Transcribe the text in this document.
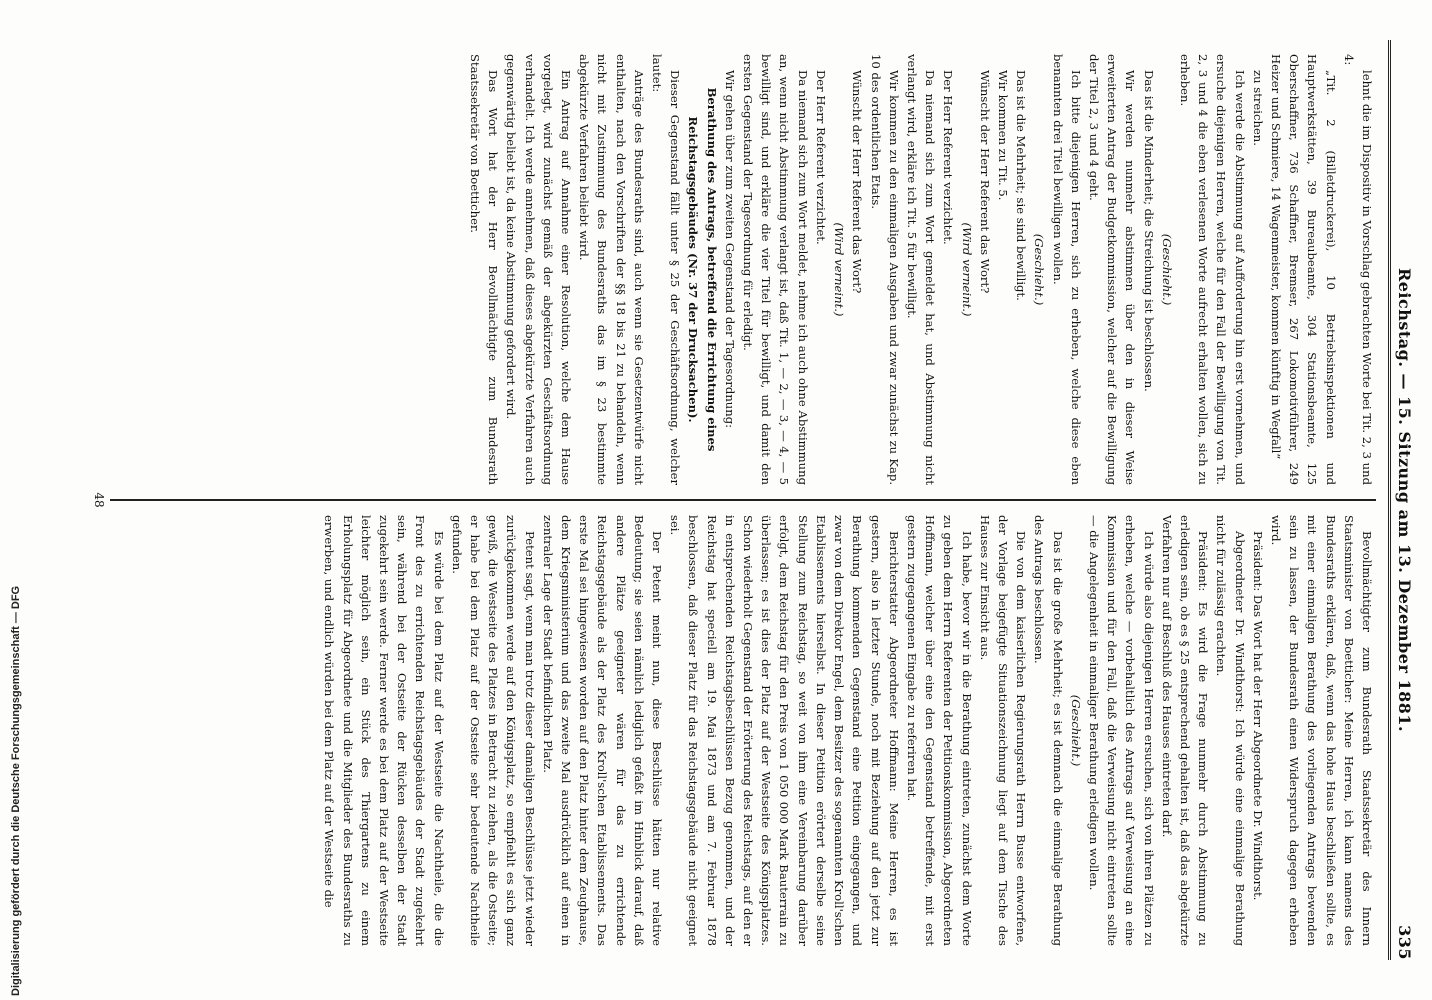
Reichstag. — 15. Sitzung am 13. Dezember 1881.
335

lehnt die im Dispositiv in Vorschlag gebrachten Worte bei Tit. 2, 3 und 4:

„Tit. 2 (Billetdruckerei), 10 Betriebsinspektionen und Hauptwerkstätten, 39 Bureaubeamte, 304 Stationsbeamte, 125 Oberschaffner, 736 Schaffner, Bremser, 267 Lokomotivführer, 249 Heizer und Schmiere, 14 Wagenmeister, kommen künftig in Wegfall“

zu streichen.

Ich werde die Abstimmung auf Aufforderung hin erst vornehmen, und ersuche diejenigen Herren, welche für den Fall der Bewilligung von Tit. 2, 3 und 4 die eben verlesenen Worte aufrecht erhalten wollen, sich zu erheben.

(Geschieht.)

Das ist die Minderheit; die Streichung ist beschlossen.

Wir werden nunmehr abstimmen über den in dieser Weise erweiterten Antrag der Budgetkommission, welcher auf die Bewilligung der Titel 2, 3 und 4 geht.

Ich bitte diejenigen Herren, sich zu erheben, welche diese eben benannten drei Titel bewilligen wollen.

(Geschieht.)

Das ist die Mehrheit; sie sind bewilligt.

Wir kommen zu Tit. 5.

Wünscht der Herr Referent das Wort?

(Wird verneint.)

Der Herr Referent verzichtet.

Da niemand sich zum Wort gemeldet hat, und Abstimmung nicht verlangt wird, erkläre ich Tit. 5 für bewilligt.

Wir kommen zu den einmaligen Ausgaben und zwar zunächst zu Kap. 10 des ordentlichen Etats.

Wünscht der Herr Referent das Wort?

(Wird verneint.)

Der Herr Referent verzichtet.

Da niemand sich zum Wort meldet, nehme ich auch ohne Abstimmung an, wenn nicht Abstimmung verlangt ist, daß Tit. 1, — 2, — 3, — 4, — 5 bewilligt sind, und erkläre die vier Titel für bewilligt, und damit den ersten Gegenstand der Tagesordnung für erledigt.

Wir gehen über zum zweiten Gegenstand der Tagesordnung:

Berathung des Antrags, betreffend die Errichtung eines Reichstagsgebäudes (Nr. 37 der Drucksachen).

Dieser Gegenstand fällt unter § 25 der Geschäftsordnung, welcher lautet:

Anträge des Bundesraths sind, auch wenn sie Gesetzentwürfe nicht enthalten, nach den Vorschriften der §§ 18 bis 21 zu behandeln, wenn nicht mit Zustimmung des Bundesraths das im § 23 bestimmte abgekürzte Verfahren beliebt wird.

Ein Antrag auf Annahme einer Resolution, welche dem Hause vorgelegt, wird zunächst gemäß der abgekürzten Geschäftsordnung verhandelt. Ich werde annehmen, daß dieses abgekürzte Verfahren auch gegenwärtig beliebt ist, da keine Abstimmung gefordert wird.

Das Wort hat der Herr Bevollmächtigte zum Bundesrath Staatssekretär von Boetticher.

Bevollmächtigter zum Bundesrath Staatssekretär des Innern Staatsminister von Boetticher: Meine Herren, ich kann namens des Bundesraths erklären, daß, wenn das hohe Haus beschließen sollte, es mit einer einmaligen Berathung des vorliegenden Antrags bewenden sein zu lassen, der Bundesrath einen Widerspruch dagegen erheben wird.

Präsident: Das Wort hat der Herr Abgeordnete Dr. Windthorst.

Abgeordneter Dr. Windthorst: Ich würde eine einmalige Berathung nicht für zulässig erachten.

Präsident: Es wird die Frage nunmehr durch Abstimmung zu erledigen sein, ob es § 25 entsprechend gehalten ist, daß das abgekürzte Verfahren nur auf Beschluß des Hauses eintreten darf.

Ich würde also diejenigen Herren ersuchen, sich von ihren Plätzen zu erheben, welche — vorbehaltlich des Antrags auf Verweisung an eine Kommission und für den Fall, daß die Verweisung nicht eintreten sollte — die Angelegenheit in einmaliger Berathung erledigen wollen.

(Geschieht.)

Das ist die große Mehrheit; es ist demnach die einmalige Berathung des Antrags beschlossen.

Die von dem kaiserlichen Regierungsrath Herrn Busse entworfene, der Vorlage beigefügte Situationszeichnung liegt auf dem Tische des Hauses zur Einsicht aus.

Ich habe, bevor wir in die Berathung eintreten, zunächst dem Worte zu geben dem Herrn Referenten der Petitionskommission, Abgeordneten Hoffmann, welcher über eine den Gegenstand betreffende, mit erst gestern zugegangenen Eingabe zu referiren hat.

Berichterstatter Abgeordneter Hoffmann: Meine Herren, es ist gestern, also in letzter Stunde, noch mit Beziehung auf den jetzt zur Berathung kommenden Gegenstand eine Petition eingegangen, und zwar von dem Direktor Engel, dem Besitzer des sogenannten Kroll'schen Etablissements hierselbst. In dieser Petition erörtert derselbe seine Stellung zum Reichstag, so weit von ihm eine Vereinbarung darüber erfolgt, dem Reichstag für den Preis von 1 050 000 Mark Bauterrain zu überlassen; es ist dies der Platz auf der Westseite des Königsplatzes. Schon wiederholt Gegenstand der Erörterung des Reichstags, auf den er in entsprechenden Reichstagsbeschlüssen Bezug genommen, und der Reichstag hat speciell am 19. Mai 1873 und am 7. Februar 1878 beschlossen, daß dieser Platz für das Reichstagsgebäude nicht geeignet sei.

Der Petent meint nun, diese Beschlüsse hätten nur relative Bedeutung; sie seien nämlich lediglich gefaßt im Hinblick darauf, daß andere Plätze geeigneter wären für das zu errichtende Reichstagsgebäude als der Platz des Kroll'schen Etablissements. Das erste Mal sei hingewiesen worden auf den Platz hinter dem Zeughause, dem Kriegsministerium und das zweite Mal ausdrücklich auf einen in zentraler Lage der Stadt befindlichen Platz.

Petent sagt, wenn man trotz dieser damaligen Beschlüsse jetzt wieder zurückgekommen werde auf den Königsplatz, so empfiehlt es sich ganz gewiß, die Westseite des Platzes in Betracht zu ziehen, als die Ostseite; er habe bei dem Platz auf der Ostseite sehr bedeutende Nachtheile gefunden.

Es würde bei dem Platz auf der Westseite die Nachtheile, die die Front des zu errichtenden Reichstagsgebäudes der Stadt zugekehrt sein, während bei der Ostseite der Rücken desselben der Stadt zugekehrt sein werde. Ferner werde es bei dem Platz auf der Westseite leichter möglich sein, ein Stück des Thiergartens zu einem Erholungsplatz für Abgeordnete und die Mitglieder des Bundesraths zu erwerben, und endlich würden bei dem Platz auf der Westseite die

48
Digitalisierung gefördert durch die Deutsche Forschungsgemeinschaft — DFG
